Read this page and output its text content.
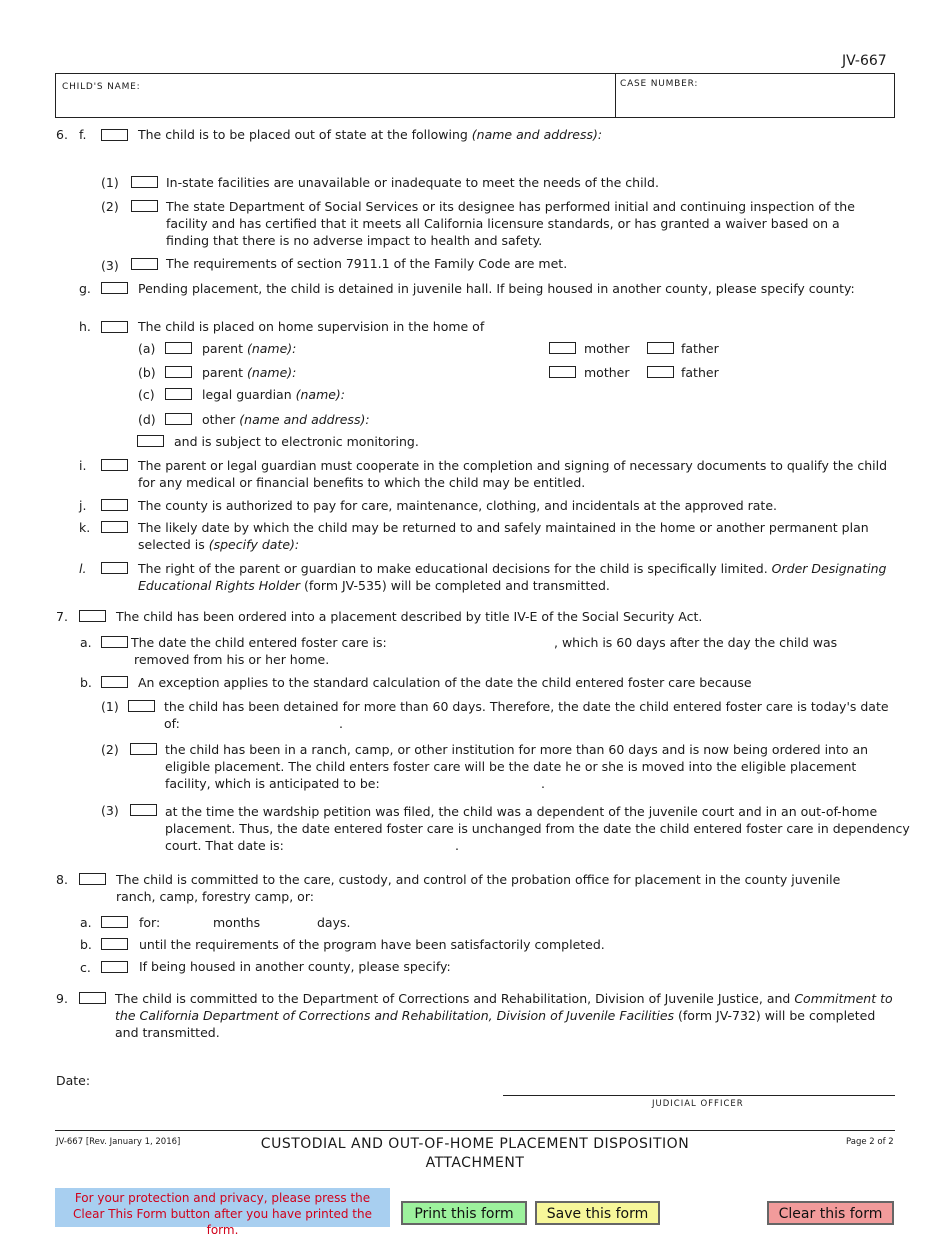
JV-667
CHILD'S NAME:	CASE NUMBER:
6. f.	The child is to be placed out of state at the following (name and address):
(1)	In-state facilities are unavailable or inadequate to meet the needs of the child.
(2)	The state Department of Social Services or its designee has performed initial and continuing inspection of the facility and has certified that it meets all California licensure standards, or has granted a waiver based on a finding that there is no adverse impact to health and safety.
(3)	The requirements of section 7911.1 of the Family Code are met.
g.	Pending placement, the child is detained in juvenile hall. If being housed in another county, please specify county:
h.	The child is placed on home supervision in the home of
(a)	parent (name):	mother	father
(b)	parent (name):	mother	father
(c)	legal guardian (name):
(d)	other (name and address):
and is subject to electronic monitoring.
i.	The parent or legal guardian must cooperate in the completion and signing of necessary documents to qualify the child for any medical or financial benefits to which the child may be entitled.
j.	The county is authorized to pay for care, maintenance, clothing, and incidentals at the approved rate.
k.	The likely date by which the child may be returned to and safely maintained in the home or another permanent plan
selected is (specify date):
l.	The right of the parent or guardian to make educational decisions for the child is specifically limited. Order Designating
Educational Rights Holder (form JV-535) will be completed and transmitted.
7.	The child has been ordered into a placement described by title IV-E of the Social Security Act.
a.	The date the child entered foster care is:	, which is 60 days after the day the child was
removed from his or her home.
b.	An exception applies to the standard calculation of the date the child entered foster care because
(1)	the child has been detained for more than 60 days. Therefore, the date the child entered foster care is today's date
of:	.
(2)	the child has been in a ranch, camp, or other institution for more than 60 days and is now being ordered into an
eligible placement. The child enters foster care will be the date he or she is moved into the eligible placement
facility, which is anticipated to be:	.
(3)	at the time the wardship petition was filed, the child was a dependent of the juvenile court and in an out-of-home
placement. Thus, the date entered foster care is unchanged from the date the child entered foster care in dependency
court. That date is:	.
8.	The child is committed to the care, custody, and control of the probation office for placement in the county juvenile ranch, camp, forestry camp, or:
a.	for:	months	days.
b.	until the requirements of the program have been satisfactorily completed.
c.	If being housed in another county, please specify:
9.	The child is committed to the Department of Corrections and Rehabilitation, Division of Juvenile Justice, and Commitment to
the California Department of Corrections and Rehabilitation, Division of Juvenile Facilities (form JV-732) will be completed
and transmitted.
Date:
JUDICIAL OFFICER
JV-667 [Rev. January 1, 2016]	CUSTODIAL AND OUT-OF-HOME PLACEMENT DISPOSITION
ATTACHMENT
Page 2 of 2
For your protection and privacy, please press the Clear This Form button after you have printed the form.
Print this form	Save this form	Clear this form
